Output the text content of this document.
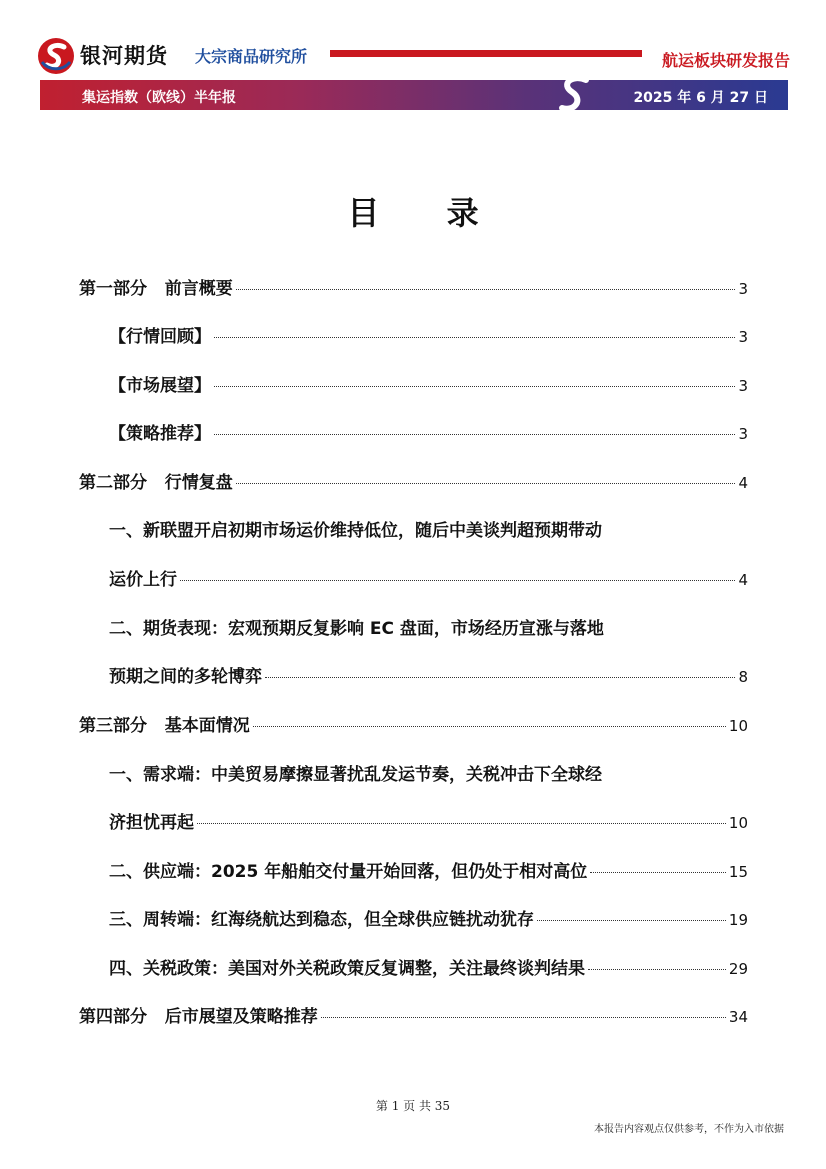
银河期货 大宗商品研究所	航运板块研发报告
集运指数（欧线）半年报	2025 年 6 月 27 日
目 录
第一部分   前言概要	3
【行情回顾】	3
【市场展望】	3
【策略推荐】	3
第二部分   行情复盘	4
一、新联盟开启初期市场运价维持低位，随后中美谈判超预期带动
运价上行	4
二、期货表现：宏观预期反复影响 EC 盘面，市场经历宣涨与落地
预期之间的多轮博弈	8
第三部分   基本面情况	10
一、需求端：中美贸易摩擦显著扰乱发运节奏，关税冲击下全球经
济担忧再起	10
二、供应端：2025 年船舶交付量开始回落，但仍处于相对高位	15
三、周转端：红海绕航达到稳态，但全球供应链扰动犹存	19
四、关税政策：美国对外关税政策反复调整，关注最终谈判结果	29
第四部分   后市展望及策略推荐	34
第 1 页 共 35
本报告内容观点仅供参考，不作为入市依据
